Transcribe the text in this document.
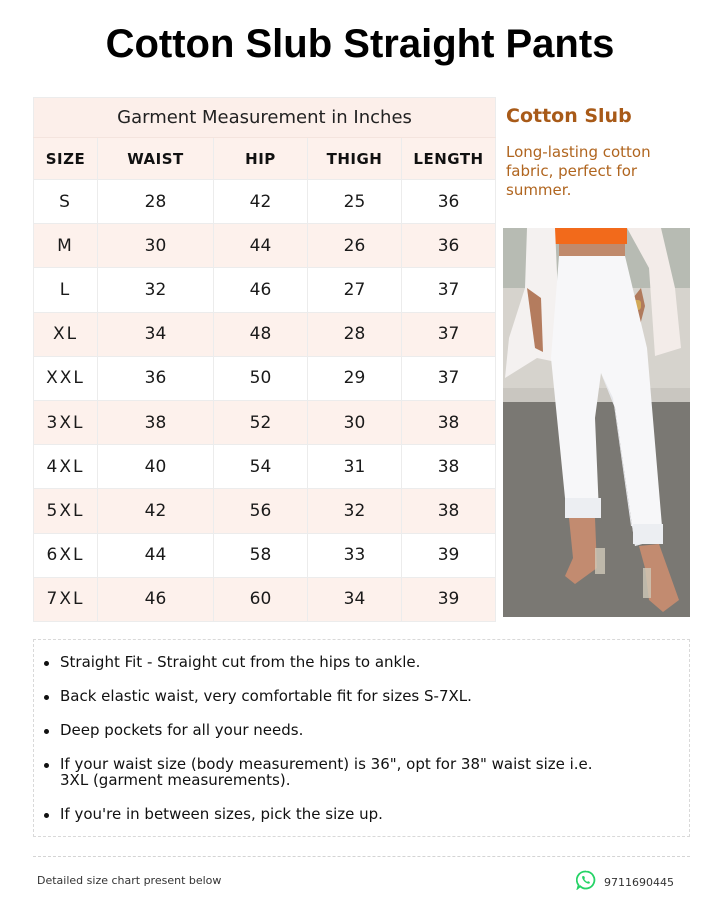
Cotton Slub Straight Pants
Garment Measurement in Inches				
SIZE	WAIST	HIP	THIGH	LENGTH
S	28	42	25	36
M	30	44	26	36
L	32	46	27	37
XL	34	48	28	37
XXL	36	50	29	37
3XL	38	52	30	38
4XL	40	54	31	38
5XL	42	56	32	38
6XL	44	58	33	39
7XL	46	60	34	39
Cotton Slub
Long-lasting cotton fabric, perfect for summer.
Straight Fit - Straight cut from the hips to ankle.
Back elastic waist, very comfortable fit for sizes S-7XL.
Deep pockets for all your needs.
If your waist size (body measurement) is 36", opt for 38" waist size i.e. 3XL (garment measurements).
If you're in between sizes, pick the size up.
Detailed size chart present below	9711690445
